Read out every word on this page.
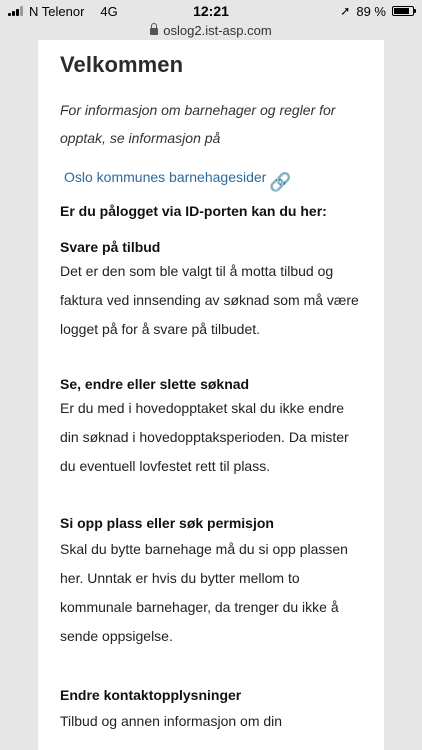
N Telenor 4G	12:21	➚ 89 %
oslog2.ist-asp.com
Velkommen

For informasjon om barnehager og regler for opptak, se informasjon på

Oslo kommunes barnehagesider 🔗

Er du pålogget via ID-porten kan du her:

Svare på tilbud

Det er den som ble valgt til å motta tilbud og faktura ved innsending av søknad som må være logget på for å svare på tilbudet.

Se, endre eller slette søknad

Er du med i hovedopptaket skal du ikke endre din søknad i hovedopptaksperioden. Da mister du eventuell lovfestet rett til plass.

Si opp plass eller søk permisjon

Skal du bytte barnehage må du si opp plassen her. Unntak er hvis du bytter mellom to kommunale barnehager, da trenger du ikke å sende oppsigelse.

Endre kontaktopplysninger

Tilbud og annen informasjon om din
